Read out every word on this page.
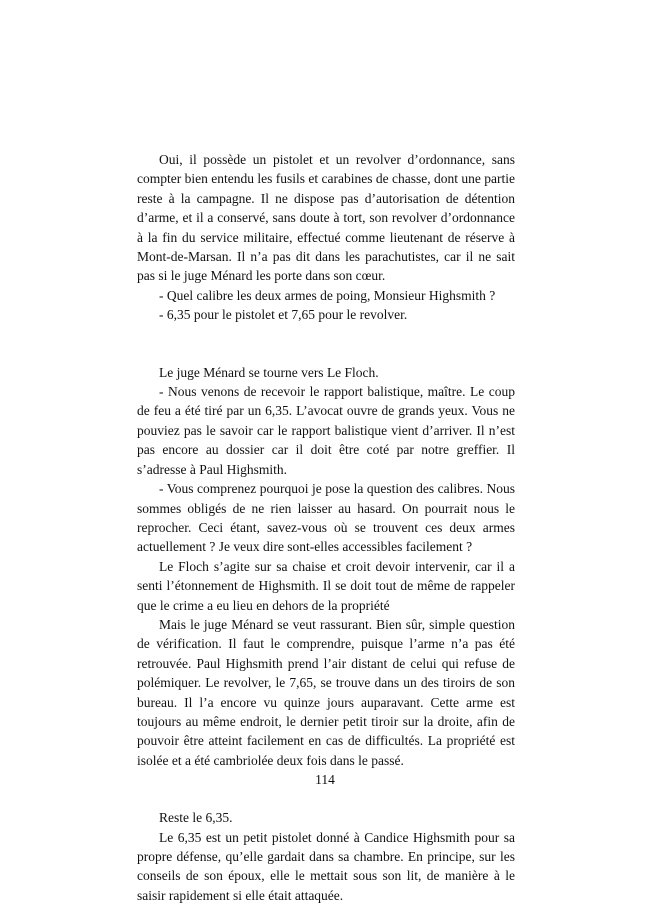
Oui, il possède un pistolet et un revolver d’ordonnance, sans compter bien entendu les fusils et carabines de chasse, dont une partie reste à la campagne. Il ne dispose pas d’autorisation de détention d’arme, et il a conservé, sans doute à tort, son revolver d’ordonnance à la fin du service militaire, effectué comme lieutenant de réserve à Mont-de-Marsan. Il n’a pas dit dans les parachutistes, car il ne sait pas si le juge Ménard les porte dans son cœur.

- Quel calibre les deux armes de poing, Monsieur Highsmith ?

- 6,35 pour le pistolet et 7,65 pour le revolver.

Le juge Ménard se tourne vers Le Floch.

- Nous venons de recevoir le rapport balistique, maître. Le coup de feu a été tiré par un 6,35. L’avocat ouvre de grands yeux. Vous ne pouviez pas le savoir car le rapport balistique vient d’arriver. Il n’est pas encore au dossier car il doit être coté par notre greffier. Il s’adresse à Paul Highsmith.

- Vous comprenez pourquoi je pose la question des calibres. Nous sommes obligés de ne rien laisser au hasard. On pourrait nous le reprocher. Ceci étant, savez-vous où se trouvent ces deux armes actuellement ? Je veux dire sont-elles accessibles facilement ?

Le Floch s’agite sur sa chaise et croit devoir intervenir, car il a senti l’étonnement de Highsmith. Il se doit tout de même de rappeler que le crime a eu lieu en dehors de la propriété

Mais le juge Ménard se veut rassurant. Bien sûr, simple question de vérification. Il faut le comprendre, puisque l’arme n’a pas été retrouvée. Paul Highsmith prend l’air distant de celui qui refuse de polémiquer. Le revolver, le 7,65, se trouve dans un des tiroirs de son bureau. Il l’a encore vu quinze jours auparavant. Cette arme est toujours au même endroit, le dernier petit tiroir sur la droite, afin de pouvoir être atteint facilement en cas de difficultés. La propriété est isolée et a été cambriolée deux fois dans le passé.

Reste le 6,35.

Le 6,35 est un petit pistolet donné à Candice Highsmith pour sa propre défense, qu’elle gardait dans sa chambre. En principe, sur les conseils de son époux, elle le mettait sous son lit, de manière à le saisir rapidement si elle était attaquée.

114
